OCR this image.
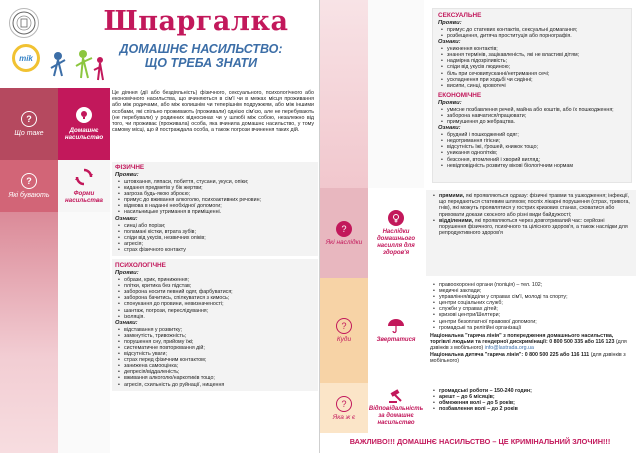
mik
Шпаргалка
ДОМАШНЄ НАСИЛЬСТВО:
ЩО ТРЕБА ЗНАТИ
?
Що таке	Домашнє насильство
Це діяння (дії або бездіяльність) фізичного, сексуального, психологічного або економічного насильства, що вчиняються в сім'ї чи в межах місця проживання або між родичами, або між колишнім чи теперішнім подружжям, або між іншими особами, які спільно проживають (проживали) однією сім'єю, але не перебувають (не перебували) у родинних відносинах чи у шлюбі між собою, незалежно від того, чи проживає (проживала) особа, яка вчинила домашнє насильство, у тому самому місці, що й постраждала особа, а також погрози вчинення таких дій.
?
Які бувають	Форми насильства
ФІЗИЧНЕ
Прояви:
• штовхання, ляпаси, побиття, стусани, укуси, опіки;
• кидання предметів у бік жертви;
• загроза будь-якою зброєю;
• примус до вживання алкоголю, психоактивних речовин;
• відмова в наданні необхідної допомоги;
• насильницьке утримання в приміщенні.
Ознаки:
• синці або порізи;
• поламані кістки, втрата зубів;
• сліди від укусів, незвичних опіків;
• агресія;
• страх фізичного контакту
ПСИХОЛОГІЧНЕ
Прояви:
• образи, крик, приниження;
• плітки, критика без підстав;
• заборона носити певний одяг, фарбуватися;
• заборона бачитись, спілкуватися з кимось;
• спонукання до провини, невизначеності;
• шантаж, погрози, переслідування;
• ізоляція.
Ознаки:
• відставання у розвитку;
• замкнутість, тривожність;
• порушення сну, прийому їжі;
• систематичне повторювання дій;
• відсутність уваги;
• страх перед фізичним контактом;
• занижена самооцінка;
• депресія/віддаленість;
• вживання алкоголю/наркотиків тощо;
• агресія, схильність до руйнації, нищення
СЕКСУАЛЬНЕ
Прояви:
• примус до статевих контактів, сексуальні домагання;
• розбещення, дитяча проституція або порнографія.
Ознаки:
• уникнення контактів;
• знання термінів, зацікавленість, які не властиві дітям;
• надмірна підозріливість;
• сліди від укусів людиною;
• біль при сечовипусканні/нетримання сечі;
• ускладнення при ходьбі чи сидінні;
• висипи, синці, кровотечі
ЕКОНОМІЧНЕ
Прояви:
• умисне позбавлення речей, майна або коштів, або їх пошкодження;
• заборона навчатися/працювати;
• примушення до жебрацтва.
Ознаки:
• брудний і пошкоджений одяг;
• недотримання гігієни;
• відсутність їжі, ґрошей, книжок тощо;
• уникання однолітків;
• безсоння, втомлений і хворий вигляд;
• невідповідність розвитку вікові біологічним нормам
?
Які наслідки
Наслідки домашнього насилля для здоров'я
• прямими, які проявляються одразу: фізичні травми та ушкодження; інфекції, що передаються статевим шляхом; поспіх лікарні порушення (страх, тривога, гнів), які можуть проявлятися у гострих кризових станах, сховатися або приховати докази скоєного або різні види байдужості;
• відділеними, які проявляються через довготривалий час: серйозні порушення фізичного, психічного та цілісного здоров'я, а також наслідки для репродуктивного здоров'я
?
Куди	Звертатися
• правоохоронні органи (поліція) – тел. 102;
• медичні заклади;
• управління/відділи у справах сім'ї, молоді та спорту;
• центри соціальних служб;
• служби у справах дітей;
• кризові центри/Шелтери;
• центри безоплатної правової допомоги;
• громадські та релігійні організації
Національна "гаряча лінія" з попередження домашнього насильства, торгівлі людьми та гендерної дискримінації: 0 800 500 335 або 116 123 (для дзвінків з мобільного) info@lastrada.org.ua
Національна дитяча "гаряча лінія": 0 800 500 225 або 116 111 (для дзвінків з мобільного)
?
Яка ж є
Відповідальність за домашнє насильство
• громадські роботи – 150-240 годин;
• арешт – до 6 місяців;
• обмеження волі – до 5 років;
• позбавлення волі – до 2 років
ВАЖЛИВО!!! ДОМАШНЄ НАСИЛЬСТВО – ЦЕ КРИМІНАЛЬНИЙ ЗЛОЧИН!!!
